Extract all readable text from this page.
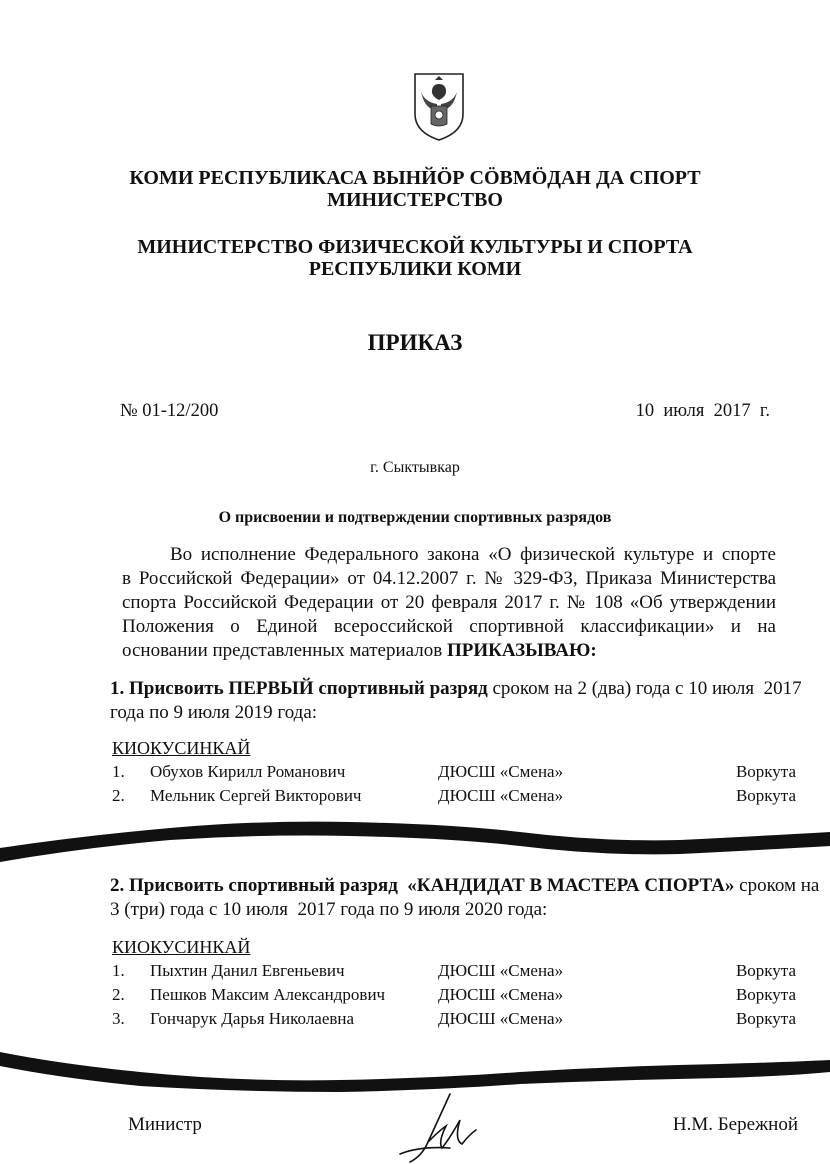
КОМИ РЕСПУБЛИКАСА ВЫНЙÖР СÖВМÖДАН ДА СПОРТ
МИНИСТЕРСТВО
МИНИСТЕРСТВО ФИЗИЧЕСКОЙ КУЛЬТУРЫ И СПОРТА
РЕСПУБЛИКИ КОМИ
ПРИКАЗ
№ 01-12/200	10  июля  2017  г.
г. Сыктывкар
О присвоении и подтверждении спортивных разрядов
Во исполнение Федерального закона «О физической культуре и спорте
в Российской Федерации» от 04.12.2007 г. № 329-ФЗ, Приказа Министерства
спорта Российской Федерации от 20 февраля 2017 г. № 108 «Об утверждении
Положения о Единой всероссийской спортивной классификации» и на
основании представленных материалов ПРИКАЗЫВАЮ:
1. Присвоить ПЕРВЫЙ спортивный разряд сроком на 2 (два) года с 10 июля  2017
года по 9 июля 2019 года:
КИОКУСИНКАЙ
1. Обухов Кирилл Романович	ДЮСШ «Смена»	Воркута
2. Мельник Сергей Викторович	ДЮСШ «Смена»	Воркута
2. Присвоить спортивный разряд  «КАНДИДАТ В МАСТЕРА СПОРТА» сроком на
3 (три) года с 10 июля  2017 года по 9 июля 2020 года:
КИОКУСИНКАЙ
1. Пыхтин Данил Евгеньевич	ДЮСШ «Смена»	Воркута
2. Пешков Максим Александрович	ДЮСШ «Смена»	Воркута
3. Гончарук Дарья Николаевна	ДЮСШ «Смена»	Воркута
Министр	Н.М. Бережной
